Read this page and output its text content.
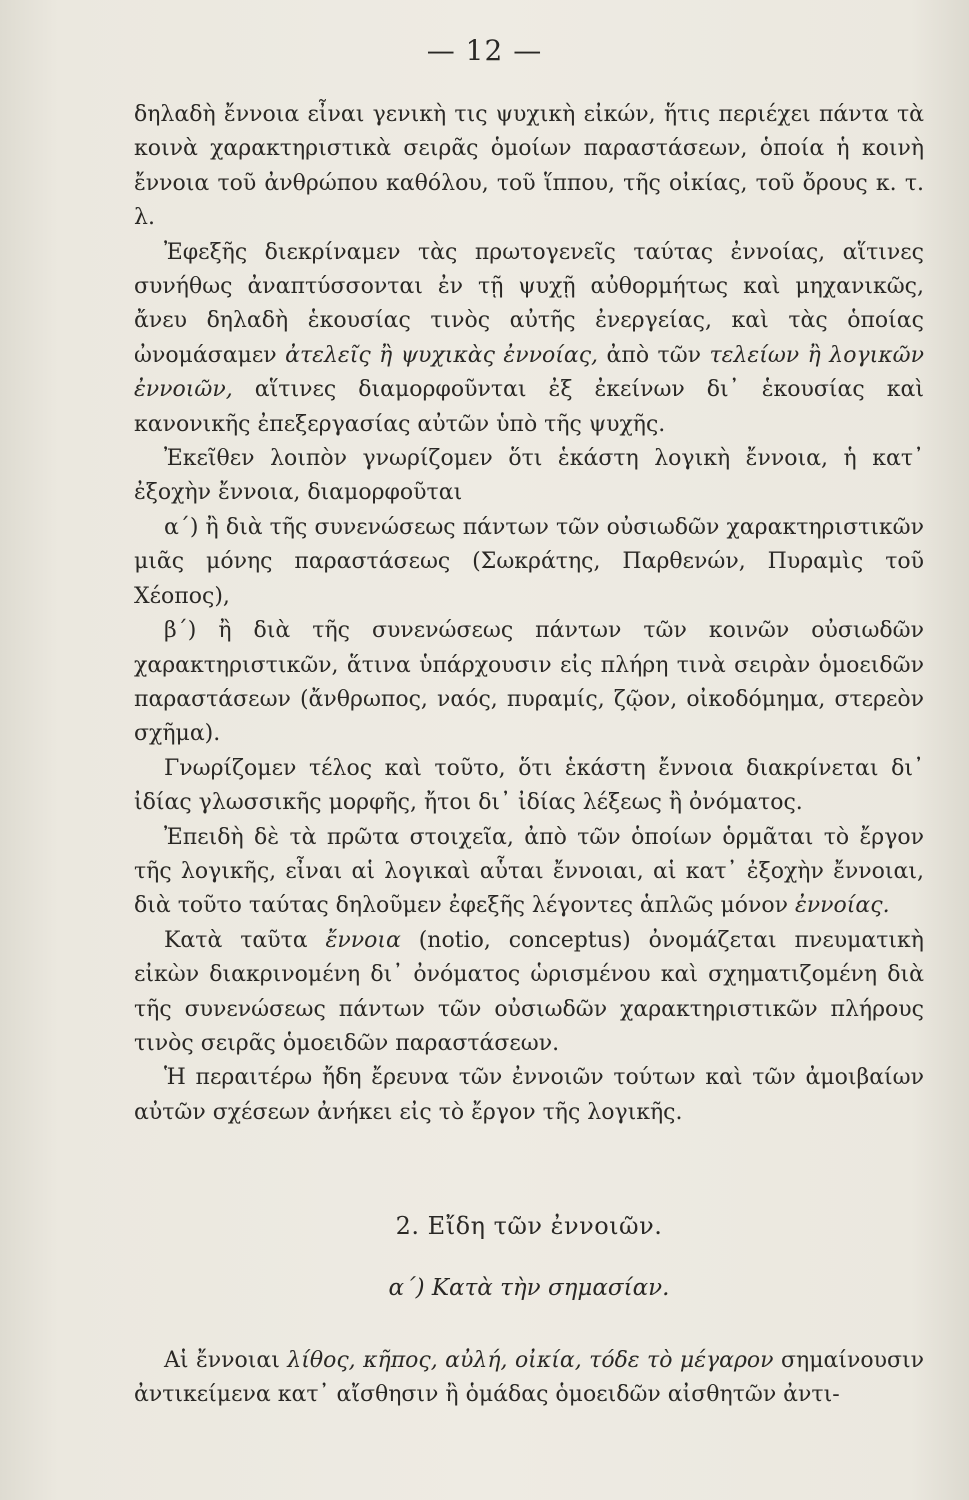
— 12 —

δηλαδὴ ἔννοια εἶναι γενικὴ τις ψυχικὴ εἰκών, ἥτις περιέχει πάντα τὰ κοινὰ χαρακτηριστικὰ σειρᾶς ὁμοίων παραστάσεων, ὁποία ἡ κοινὴ ἔννοια τοῦ ἀνθρώπου καθόλου, τοῦ ἵππου, τῆς οἰκίας, τοῦ ὄρους κ. τ. λ.

Ἐφεξῆς διεκρίναμεν τὰς πρωτογενεῖς ταύτας ἐννοίας, αἵτινες συνήθως ἀναπτύσσονται ἐν τῇ ψυχῇ αὐθορμήτως καὶ μηχανικῶς, ἄνευ δηλαδὴ ἑκουσίας τινὸς αὐτῆς ἐνεργείας, καὶ τὰς ὁποίας ὠνομάσαμεν ἀτελεῖς ἢ ψυχικὰς ἐννοίας, ἀπὸ τῶν τελείων ἢ λογικῶν ἐννοιῶν, αἵτινες διαμορφοῦνται ἐξ ἐκείνων δι᾿ ἑκουσίας καὶ κανονικῆς ἐπεξεργασίας αὐτῶν ὑπὸ τῆς ψυχῆς.

Ἐκεῖθεν λοιπὸν γνωρίζομεν ὅτι ἑκάστη λογικὴ ἔννοια, ἡ κατ᾿ ἐξοχὴν ἔννοια, διαμορφοῦται

α΄) ἢ διὰ τῆς συνενώσεως πάντων τῶν οὐσιωδῶν χαρακτηριστικῶν μιᾶς μόνης παραστάσεως (Σωκράτης, Παρθενών, Πυραμὶς τοῦ Χέοπος),

β΄) ἢ διὰ τῆς συνενώσεως πάντων τῶν κοινῶν οὐσιωδῶν χαρακτηριστικῶν, ἅτινα ὑπάρχουσιν εἰς πλήρη τινὰ σειρὰν ὁμοειδῶν παραστάσεων (ἄνθρωπος, ναός, πυραμίς, ζῷον, οἰκοδόμημα, στερεὸν σχῆμα).

Γνωρίζομεν τέλος καὶ τοῦτο, ὅτι ἑκάστη ἔννοια διακρίνεται δι᾿ ἰδίας γλωσσικῆς μορφῆς, ἤτοι δι᾿ ἰδίας λέξεως ἢ ὀνόματος.

Ἐπειδὴ δὲ τὰ πρῶτα στοιχεῖα, ἀπὸ τῶν ὁποίων ὁρμᾶται τὸ ἔργον τῆς λογικῆς, εἶναι αἱ λογικαὶ αὗται ἔννοιαι, αἱ κατ᾿ ἐξοχὴν ἔννοιαι, διὰ τοῦτο ταύτας δηλοῦμεν ἐφεξῆς λέγοντες ἁπλῶς μόνον ἐννοίας.

Κατὰ ταῦτα ἔννοια (notio, conceptus) ὀνομάζεται πνευματικὴ εἰκὼν διακρινομένη δι᾿ ὀνόματος ὡρισμένου καὶ σχηματιζομένη διὰ τῆς συνενώσεως πάντων τῶν οὐσιωδῶν χαρακτηριστικῶν πλήρους τινὸς σειρᾶς ὁμοειδῶν παραστάσεων.

Ἡ περαιτέρω ἤδη ἔρευνα τῶν ἐννοιῶν τούτων καὶ τῶν ἀμοιβαίων αὐτῶν σχέσεων ἀνήκει εἰς τὸ ἔργον τῆς λογικῆς.

2. Εἴδη τῶν ἐννοιῶν.
α΄) Κατὰ τὴν σημασίαν.

Αἱ ἔννοιαι λίθος, κῆπος, αὐλή, οἰκία, τόδε τὸ μέγαρον σημαίνουσιν ἀντικείμενα κατ᾿ αἴσθησιν ἢ ὁμάδας ὁμοειδῶν αἰσθητῶν ἀντι-
